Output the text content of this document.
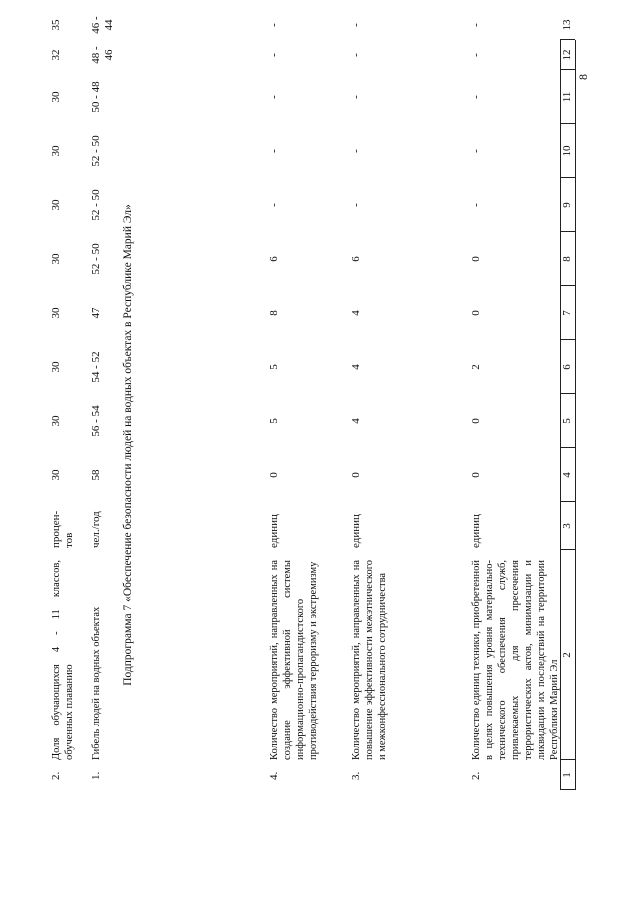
8
1
2
3
4
5
6
7
8
9
10
11
12
13
2.
Количество единиц техники, приобретенной в целях повышения уровня материально-технического обеспечения служб, привлекаемых для пресечения террористических актов, минимизации и ликвидации их последствий на территории Республики Марий Эл
единиц
0
0
2
0
0
-
-
-
-
-
3.
Количество мероприятий, направленных на повышение эффективности межэтнического и межконфессионального сотрудничества
единиц
0
4
4
4
6
-
-
-
-
-
4.
Количество мероприятий, направленных на создание эффективной системы информационно-пропагандистского противодействия терроризму и экстремизму
единиц
0
5
5
8
6
-
-
-
-
-
Подпрограмма 7 «Обеспечение безопасности людей на водных объектах в Республике Марий Эл»
1.
Гибель людей на водных объектах
чел./год
58
56 - 54
54 - 52
47
52 - 50
52 - 50
52 - 50
50 - 48
48 - 46
46 - 44
2.
Доля обучающихся 4 - 11 классов, обученных плаванию
процен-тов
30
30
30
30
30
30
30
30
32
35
